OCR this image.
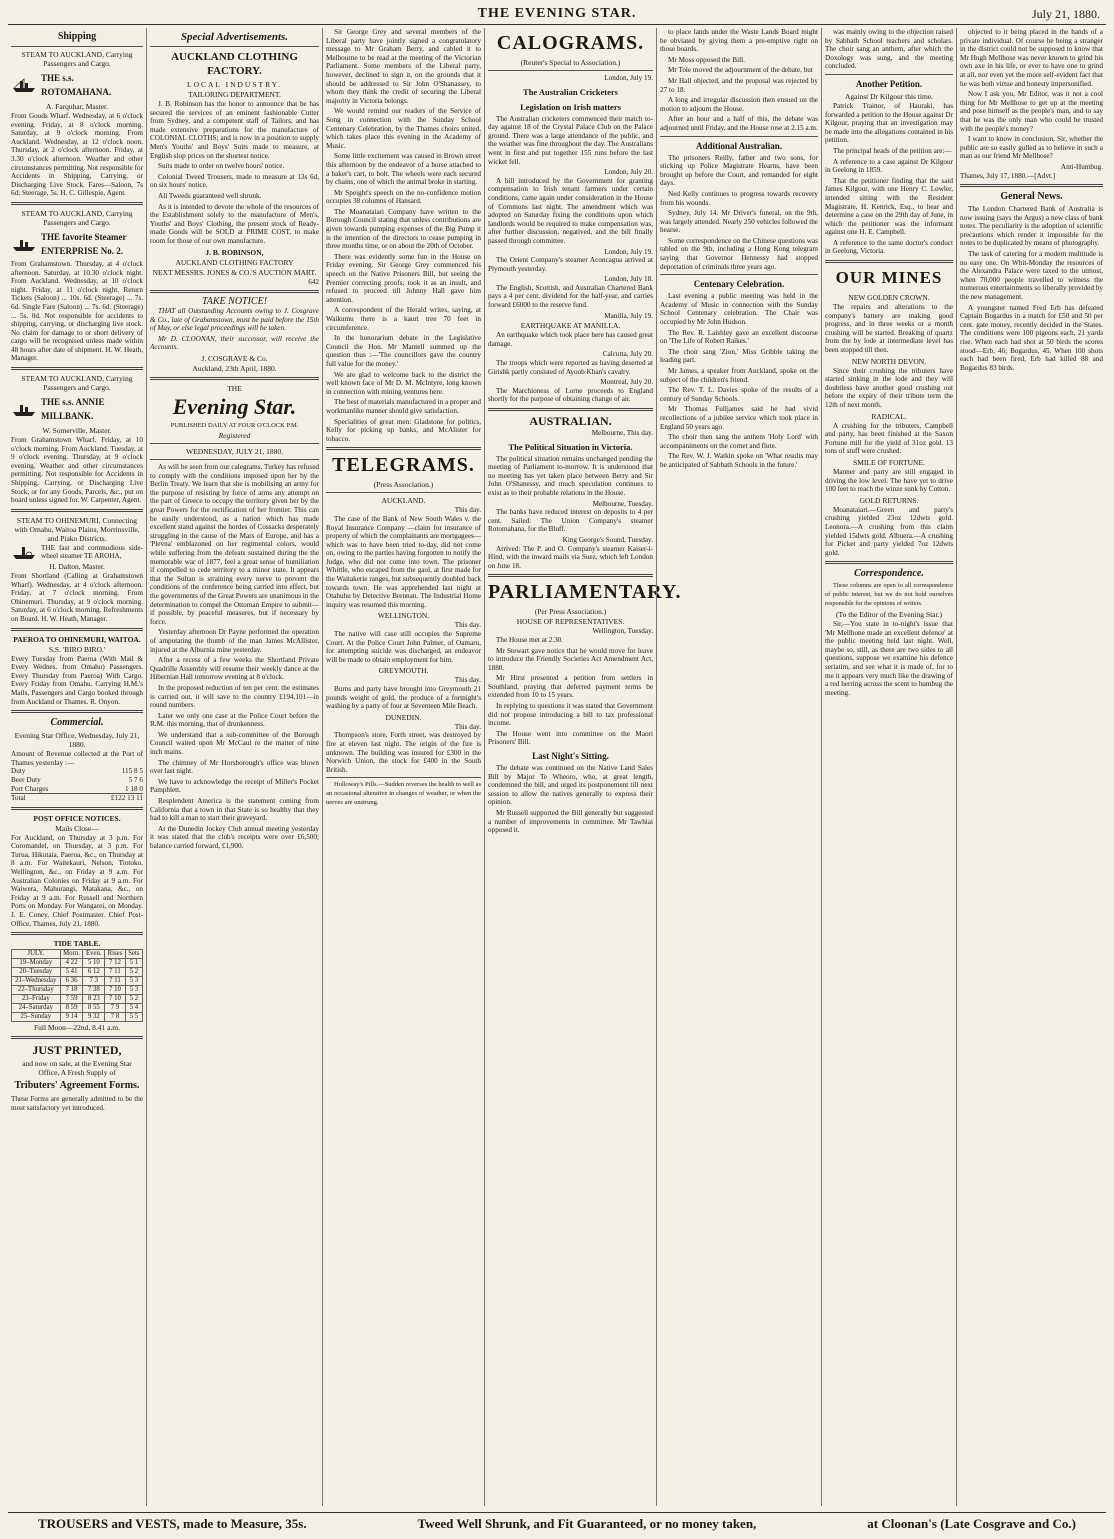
THE EVENING STAR.	July 21, 1880.
Shipping
STEAM TO AUCKLAND, Carrying Passengers and Cargo.
THE s.s. ROTOMAHANA.
A. Farquhar, Master.
From Goods Wharf. Wednesday, at 6 o'clock evening. Friday, at 8 o'clock morning. Saturday, at 9 o'clock morning. From Auckland. Wednesday, at 12 o'clock noon. Thursday, at 2 o'clock afternoon. Friday, at 3.30 o'clock afternoon. Weather and other circumstances permitting. Not responsible for Accidents in Shipping, Carrying, or Discharging Live Stock. Fares—Saloon, 7s 6d; Steerage, 5s. H. C. Gillespie, Agent.
STEAM TO AUCKLAND, Carrying Passengers and Cargo.
THE favorite Steamer ENTERPRISE No. 2.
From Grahamstown. Thursday, at 4 o'clock afternoon. Saturday, at 10.30 o'clock night. From Auckland. Wednesday, at 10 o'clock night. Friday, at 11 o'clock night. Return Tickets (Saloon) ... 10s. 6d. (Steerage) ... 7s. 6d. Single Fare (Saloon) ... 7s. 6d. (Steerage) ... 5s. 0d. Not responsible for accidents to shipping, carrying, or discharging live stock. No claim for damage to or short delivery of cargo will be recognised unless made within 48 hours after date of shipment. H. W. Heath, Manager.
STEAM TO AUCKLAND, Carrying Passengers and Cargo.
THE s.s. ANNIE MILLBANK.
W. Somerville, Master.
From Grahamstown Wharf. Friday, at 10 o'clock morning. From Auckland. Tuesday, at 9 o'clock evening. Thursday, at 9 o'clock evening. Weather and other circumstances permitting. Not responsible for Accidents in Shipping, Carrying, or Discharging Live Stock, or for any Goods, Parcels, &c., put on board unless signed for. W. Carpenter, Agent.
STEAM TO OHINEMURI, Connecting with Omahu, Waitoa Plains, Morrinsville, and Piako Districts.
THE fast and commodious side-wheel steamer TE AROHA,
H. Dalton, Master.
From Shortland (Calling at Grahamstown Wharf). Wednesday, at 4 o'clock afternoon. Friday, at 7 o'clock morning. From Ohinemuri. Thursday, at 9 o'clock morning. Saturday, at 6 o'clock morning. Refreshments on Board. H. W. Heath, Manager.
PAEROA TO OHINEMURI, WAITOA.
S.S. 'BIRO BIRO.'
Every Tuesday from Paeroa (With Mail & Every Wednes. from Omahu) Passengers. Every Thursday from Paeroa) With Cargo. Every Friday from Omahu. Carrying H.M.'s Mails, Passengers and Cargo booked through from Auckland or Thames. R. Onyon.
Commercial.
Evening Star Office, Wednesday, July 21, 1880.
Amount of Revenue collected at the Port of Thames yesterday :—
Duty	115 8 5
Beer Duty	5 7 6
Port Charges	1 18 0
Total	£122 13 11
POST OFFICE NOTICES.
Mails Close—
For Auckland, on Thursday at 3 p.m. For Coromandel, on Thursday, at 3 p.m. For Turua, Hikutaia, Paeroa, &c., on Thursday at 8 a.m. For Waitekauri, Nelson, Tiotoko, Wellington, &c., on Friday at 9 a.m. For Australian Colonies on Friday at 9 a.m. For Waiwera, Mahurangi, Matakana, &c., on Friday at 9 a.m. For Russell and Northern Ports on Monday. For Wangarei, on Monday. J. E. Coney, Chief Postmaster. Chief Post-Office, Thames, July 21, 1880.
TIDE TABLE.
JULY.	Morn.	Even.	Rises	Sets
19–Monday	4 22	5 10	7 12	5 1
20–Tuesday	5 41	6 12	7 11	5 2
21–Wednesday	6 36	7 3	7 11	5 3
22–Thursday	7 18	7 38	7 10	5 3
23–Friday	7 59	8 23	7 10	5 2
24–Saturday	8 59	8 55	7 9	5 4
25–Sunday	9 14	9 32	7 8	5 5
Full Moon—22nd, 8.41 a.m.
JUST PRINTED,
and now on sale, at the Evening Star Office, A Fresh Supply of
Tributers' Agreement Forms.
These Forms are generally admitted to be the most satisfactory yet introduced.
Special Advertisements.
AUCKLAND CLOTHING FACTORY.
LOCAL INDUSTRY.
TAILORING DEPARTMENT.

J. B. Robinson has the honor to announce that he has secured the services of an eminent fashionable Cutter from Sydney, and a competent staff of Tailors, and has made extensive preparations for the manufacture of COLONIAL CLOTHS; and is now in a position to supply Men's Youths' and Boys' Suits made to measure, at English slop prices on the shortest notice.

Suits made to order on twelve hours' notice.

Colonial Tweed Trousers, made to measure at 13s 6d, on six hours' notice.

All Tweeds guaranteed well shrunk.

As it is intended to devote the whole of the resources of the Establishment solely to the manufacture of Men's, Youths' and Boys' Clothing, the present stock of Ready-made Goods will be SOLD at PRIME COST, to make room for those of our own manufacture.

J. B. ROBINSON,
AUCKLAND CLOTHING FACTORY
NEXT MESSRS. JONES & CO.'S AUCTION MART.
642
TAKE NOTICE!

THAT all Outstanding Accounts owing to J. Cosgrave & Co., late of Grahamstown, must be paid before the 15th of May, or else legal proceedings will be taken.

Mr D. CLOONAN, their successor, will receive the Accounts.

J. COSGRAVE & Co.
Auckland, 23th April, 1880.
THE
Evening Star.
PUBLISHED DAILY AT FOUR O'CLOCK P.M.
Registered
WEDNESDAY, JULY 21, 1880.

As will be seen from our calegrams, Turkey has refused to comply with the conditions imposed upon her by the Berlin Treaty. We learn that she is mobilising an army for the purpose of resisting by force of arms any attempt on the part of Greece to occupy the territory given her by the great Powers for the rectification of her frontier. This can be easily understood, as a nation which has made excellent stand against the hordes of Cossacks desperately struggling in the cause of the Mars of Europe, and has a 'Plevna' emblazoned on her regimental colors, would while suffering from the defeats sustained during the the memorable war of 1877, feel a great sense of humiliation if compelled to cede territory to a minor state. It appears that the Sultan is straining every nerve to prevent the conditions of the conference being carried into effect, but the governments of the Great Powers are unanimous in the determination to compel the Ottoman Empire to submit—if possible, by peaceful measures, but if necessary by force.

Yesterday afternoon Dr Payne performed the operation of amputating the thumb of the man James McAllister, injured at the Alburnia mine yesterday.

After a recess of a few weeks the Shortland Private Quadrille Assembly will resume their weekly dance at the Hibernian Hall tomorrow evening at 8 o'clock.

In the proposed reduction of ten per cent. the estimates is carried out, it will save to the country £194,101—in round numbers.

Later we only one case at the Police Court before the R.M. this morning, that of drunkenness.

We understand that a sub-committee of the Borough Council waited upon Mr McCaul re the matter of nine inch mains.

The chimney of Mr Horsborough's office was blown over last night.

We have to acknowledge the receipt of Miller's Pocket Pamphlett.

Resplendent America is the statement coming from California that a town in that State is so healthy that they had to kill a man to start their graveyard.

At the Dunedin Jockey Club annual meeting yesterday it was stated that the club's receipts were over £6,500; balance carried forward, £1,900.

Sir George Grey and several members of the Liberal party have jointly signed a congratulatory message to Mr Graham Berry, and cabled it to Melbourne to be read at the meeting of the Victorian Parliament. Some members of the Liberal party, however, declined to sign it, on the grounds that it should be addressed to Sir John O'Shanassey, to whom they think the credit of securing the Liberal majority in Victoria belongs.

We would remind our readers of the Service of Song in connection with the Sunday School Centenary Celebration, by the Thames choirs united, which takes place this evening in the Academy of Music.

Some little excitement was caused in Brown street this afternoon by the endeavor of a horse attached to a baker's cart, to bolt. The wheels were each secured by chains, one of which the animal broke in starting.

Mr Speight's speech on the no-confidence motion occupies 38 columns of Hansard.

The Moanataiari Company have written to the Borough Council stating that unless contributions are given towards pumping expenses of the Big Pump it is the intention of the directors to cease pumping in three months time, or on about the 20th of October.

There was evidently some fun in the House on Friday evening. Sir George Grey commenced his speech on the Native Prisoners Bill, but seeing the Premier correcting proofs, took it as an insult, and refused to proceed till Johnny Hall gave him attention.

A correspondent of the Herald writes, saying, at Waikumu there is a kauri tree 70 feet in circumference.

In the honorarium debate in the Legislative Council the Hon. Mr Mantell summed up the question thus :—'The councillors gave the country full value for the money.'

We are glad to welcome back to the district the well known face of Mr D. M. McIntyre, long known in connection with mining ventures here.

The best of materials manufactured in a proper and workmanlike manner should give satisfaction.

Specialities of great men: Gladstone for politics, Kelly for picking up banks, and McAlister for tobacco.

TELEGRAMS.
(Press Association.)
AUCKLAND.
This day.

The case of the Bank of New South Wales v. the Royal Insurance Company —claim for insurance of property of which the complainants are mortgagees— which was to have been tried to-day, did not come on, owing to the parties having forgotten to notify the Judge, who did not come into town. The prisoner Whittle, who escaped from the gaol, at first made for the Waitakerie ranges, but subsequently doubled back towards town. He was apprehended last night at Otahuhu by Detective Brennan. The Industrial Home inquiry was resumed this morning.

WELLINGTON.
This day.

The native will case still occupies the Supreme Court. At the Police Court John Palmer, of Oamaru, for attempting suicide was discharged, an endeavor will be made to obtain employment for him.

GREYMOUTH.
This day.

Burns and party have brought into Greymouth 21 pounds weight of gold, the produce of a fortnight's washing by a party of four at Seventeen Mile Beach.

DUNEDIN.
This day.

Thompson's store, Forth street, was destroyed by fire at eleven last night. The origin of the fire is unknown. The building was insured for £300 in the Norwich Union, the stock for £400 in the South British.

Holloway's Pills.—Sudden reverses the health to well as an occasional alterative in changes of weather, or when the nerves are unstrung.

CALOGRAMS.
(Reuter's Special to Association.)
London, July 19.
The Australian Cricketers
Legislation on Irish matters

The Australian cricketers commenced their match to-day against 18 of the Crystal Palace Club on the Palace ground. There was a large attendance of the public, and the weather was fine throughout the day. The Australians went in first and put together 155 runs before the last wicket fell.

London, July 20.

A bill introduced by the Government for granting compensation to Irish tenant farmers under certain conditions, came again under consideration in the House of Commons last night. The amendment which was adopted on Saturday fixing the conditions upon which landlords would be required to make compensation was, after further discussion, negatived, and the bill finally passed through committee.

London, July 19.

The Orient Company's steamer Aconcagua arrived at Plymouth yesterday.

London, July 18.

The English, Scottish, and Australian Chartered Bank pays a 4 per cent. dividend for the half-year, and carries forward £6000 to the reserve fund.

Manilla, July 19.
EARTHQUAKE AT MANILLA.

An earthquake which took place here has caused great damage.

Calcutta, July 20.

The troops which were reported as having deserted at Girishk partly consisted of Ayoob Khan's cavalry.

Montreal, July 20.

The Marchioness of Lorne proceeds to England shortly for the purpose of obtaining change of air.

AUSTRALIAN.
Melbourne, This day.
The Political Situation in Victoria.

The political situation remains unchanged pending the meeting of Parliament to-morrow. It is understood that no meeting has yet taken place between Berry and Sir John O'Shanessy, and much speculation continues to exist as to their probable relations in the House.

Melbourne, Tuesday.

The banks have reduced interest on deposits to 4 per cent. Sailed: The Union Company's steamer Rotomahana, for the Bluff.

King George's Sound, Tuesday.

Arrived: The P. and O. Company's steamer Kaiser-i-Hind, with the inward mails via Suez, which left London on June 18.

PARLIAMENTARY.
(Per Press Association.)
HOUSE OF REPRESENTATIVES.
Wellington, Tuesday.

The House met at 2.30.

Mr Stewart gave notice that he would move for leave to introduce the Friendly Societies Act Amendment Act, 1880.

Mr Hirst presented a petition from settlers in Southland, praying that deferred payment terms be extended from 10 to 15 years.

In replying to questions it was stated that Government did not propose introducing a bill to tax professional income.

The House went into committee on the Maori Prisoners' Bill.

Last Night's Sitting.

The debate was continued on the Native Land Sales Bill by Major Te Wheoro, who, at great length, condemned the bill, and urged its postponement till next session to allow the natives generally to express their opinion.

Mr Russell supported the Bill generally but suggested a number of improvements in committee. Mr Tawhiai opposed it.

to place lands under the Waste Lands Board might be obviated by giving them a pre-emptive right on those boards.

Mr Moss opposed the Bill.

Mr Tole moved the adjournment of the debate, but

Mr Hall objected, and the proposal was rejected by 27 to 18.

A long and irregular discussion then ensued on the motion to adjourn the House.

After an hour and a half of this, the debate was adjourned until Friday, and the House rose at 2.15 a.m.

Additional Australian.

The prisoners Reilly, father and two sons, for sticking up Police Magistrate Hearns, have been brought up before the Court, and remanded for eight days.

Ned Kelly continues to progress towards recovery from his wounds.

Sydney, July 14. Mr Driver's funeral, on the 9th, was largely attended. Nearly 250 vehicles followed the hearse.

Some correspondence on the Chinese questions was tabled on the 9th, including a Hong Kong telegram saying that Governor Hennessy had stopped deportation of criminals three years ago.

Centenary Celebration.

Last evening a public meeting was held in the Academy of Music in connection with the Sunday School Centenary celebration. The Chair was occupied by Mr John Hudson.

The Rev. R. Laishley gave an excellent discourse on 'The Life of Robert Raikes.'

The choir sang 'Zion,' Miss Gribble taking the leading part.

Mr James, a speaker from Auckland, spoke on the subject of the children's friend.

The Rev. T. L. Davies spoke of the results of a century of Sunday Schools.

Mr Thomas Fulljames said he had vivid recollections of a jubilee service which took place in England 50 years ago.

The choir then sang the anthem 'Holy Lord' with accompaniments on the cornet and flute.

The Rev. W. J. Watkin spoke on 'What results may be anticipated of Sabbath Schools in the future.'

was mainly owing to the objection raised by Sabbath School teachers and scholars. The choir sang an anthem, after which the Doxology was sung, and the meeting concluded.

Another Petition.
Against Dr Kilgour this time.

Patrick Trainor, of Hauraki, has forwarded a petition to the House against Dr Kilgour, praying that an investigation may be made into the allegations contained in his petition.

The principal heads of the petition are:—

A reference to a case against Dr Kilgour in Geelong in 1859.

That the petitioner finding that the said James Kilgour, with one Henry C. Lowler, intended sitting with the Resident Magistrate, H. Kenrick, Esq., to hear and determine a case on the 29th day of June, in which the petitioner was the informant against one H. E. Campbell.

A reference to the same doctor's conduct in Geelong, Victoria.

OUR MINES
NEW GOLDEN CROWN.

The repairs and alterations to the company's battery are making good progress, and in three weeks or a month crushing will be started. Breaking of quartz from the by lode at intermediate level has been stopped till then.

NEW NORTH DEVON.

Since their crushing the tributers have started sinking in the lode and they will doubtless have another good crushing out before the expiry of their tribute term the 12th of next month.

RADICAL.

A crushing for the tributers, Campbell and party, has been finished at the Saxon Fortune mill for the yield of 31oz gold. 13 tons of stuff were crushed.

SMILE OF FORTUNE.

Manner and party are still engaged in driving the low level. The have yet to drive 100 feet to reach the winze sunk by Cotton.

GOLD RETURNS.

Moanataiari.—Green and party's crushing yielded 23oz 12dwts gold. Leonora.—A crushing from this claim yielded 15dwts gold. Albuera.—A crushing for Picket and party yielded 7oz 12dwts gold.

Correspondence.

These columns are open to all correspondence of public interest, but we do not hold ourselves responsible for the opinions of writers.

(To the Editor of the Evening Star.)

Sir,—You state in to-night's issue that 'Mr Mellhone made an excellent defence' at the public meeting held last night. Well, maybe so, still, as there are two sides to all questions, suppose we examine his defence seriatim, and see what it is made of, for to me it appears very much like the drawing of a red herring across the scent to humbug the meeting.

objected to it being placed in the hands of a private individual. Of course he being a stranger in the district could not be supposed to know that Mr Hugh Mellhose was never known to grind his own axe in his life, or ever to have one to grind at all, nor even yet the more self-evident fact that he was both virtue and honesty impersonified.

Now I ask you, Mr Editor, was it not a cool thing for Mr Mellhose to get up at the meeting and pose himself as the people's man, and to say that he was the only man who could be trusted with the people's money?

I want to know in conclusion, Sir, whether the public are so easily gulled as to believe in such a man as our friend Mr Mellhose?

Anti-Humbug.
Thames, July 17, 1880.—[Advt.]
General News.

The London Chartered Bank of Australia is now issuing (says the Argus) a new class of bank notes. The peculiarity is the adoption of scientific precautions which render it impossible for the notes to be duplicated by means of photography.

The task of catering for a modern multitude is no easy one. On Whit-Monday the resources of the Alexandra Palace were taxed to the utmost, when 70,000 people travelled to witness the numerous entertainments so liberally provided by the new management.

A youngster named Fred Erb has defeated Captain Bogardus in a match for £50 and 50 per cent. gate money, recently decided in the States. The conditions were 100 pigeons each, 21 yards rise. When each had shot at 50 birds the scores stood—Erb, 46; Bogardus, 45. When 100 shots each had been fired, Erb had killed 88 and Bogardus 83 birds.

TROUSERS and VESTS, made to Measure, 35s.	Tweed Well Shrunk, and Fit Guaranteed, or no money taken,	at Cloonan's (Late Cosgrave and Co.)
